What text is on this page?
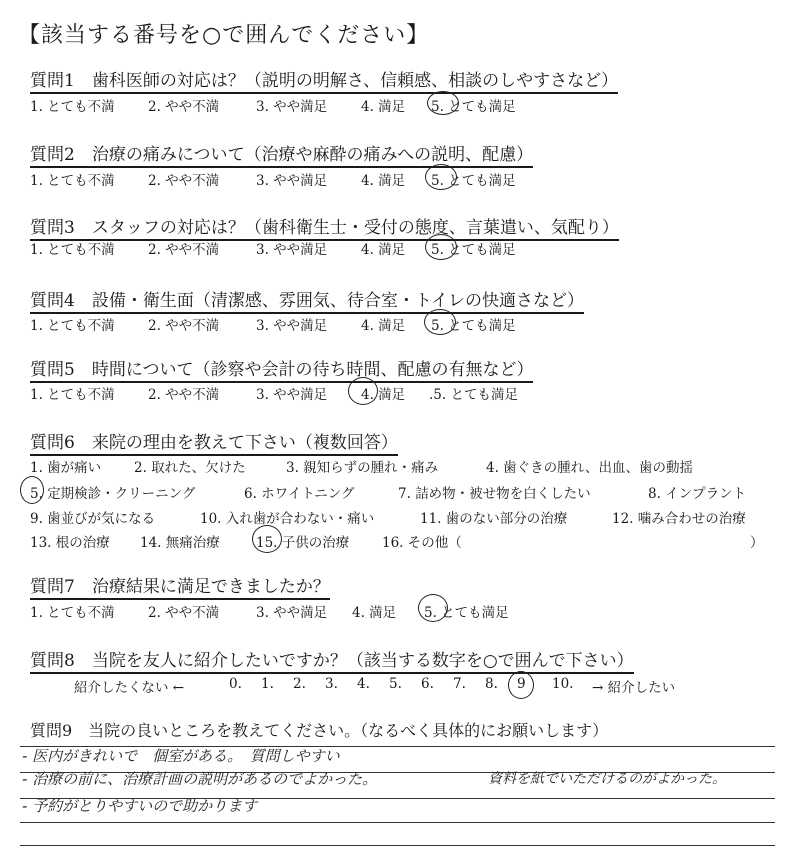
【該当する番号を○で囲んでください】
質問1　歯科医師の対応は？（説明の明解さ、信頼感、相談のしやすさなど）
1. とても不満 2. やや不満	3. やや満足	4. 満足 5. とても満足
質問2　治療の痛みについて（治療や麻酔の痛みへの説明、配慮）
1. とても不満 2. やや不満	3. やや満足	4. 満足 5. とても満足
質問3　スタッフの対応は？（歯科衛生士・受付の態度、言葉遣い、気配り）
1. とても不満 2. やや不満	3. やや満足	4. 満足 5. とても満足
質問4　設備・衛生面（清潔感、雰囲気、待合室・トイレの快適さなど）
1. とても不満 2. やや不満	3. やや満足	4. 満足 5. とても満足
質問5　時間について（診察や会計の待ち時間、配慮の有無など）
1. とても不満 2. やや不満	3. やや満足	4. 満足 .5. とても満足
質問6　来院の理由を教えて下さい（複数回答）
1. 歯が痛い 2. 取れた、欠けた	3. 親知らずの腫れ・痛み	4. 歯ぐきの腫れ、出血、歯の動揺
5. 定期検診・クリーニング	6. ホワイトニング	7. 詰め物・被せ物を白くしたい	8. インプラント
9. 歯並びが気になる	10. 入れ歯が合わない・痛い	11. 歯のない部分の治療	12. 噛み合わせの治療
13. 根の治療 14. 無痛治療	15. 子供の治療 16. その他（	）
質問7　治療結果に満足できましたか？
1. とても不満 2. やや不満	3. やや満足 4. 満足 5. とても満足
質問8　当院を友人に紹介したいですか？（該当する数字を○で囲んで下さい）
紹介したくない ←	0. 1. 2. 3. 4. 5. 6. 7. 8. 9 10. → 紹介したい
質問9　当院の良いところを教えてください。（なるべく具体的にお願いします）
- 医内がきれいで　個室がある。　質問しやすい
- 治療の前に、治療計画の説明があるのでよかった。	資料を紙でいただけるのがよかった。
- 予約がとりやすいので助かります
